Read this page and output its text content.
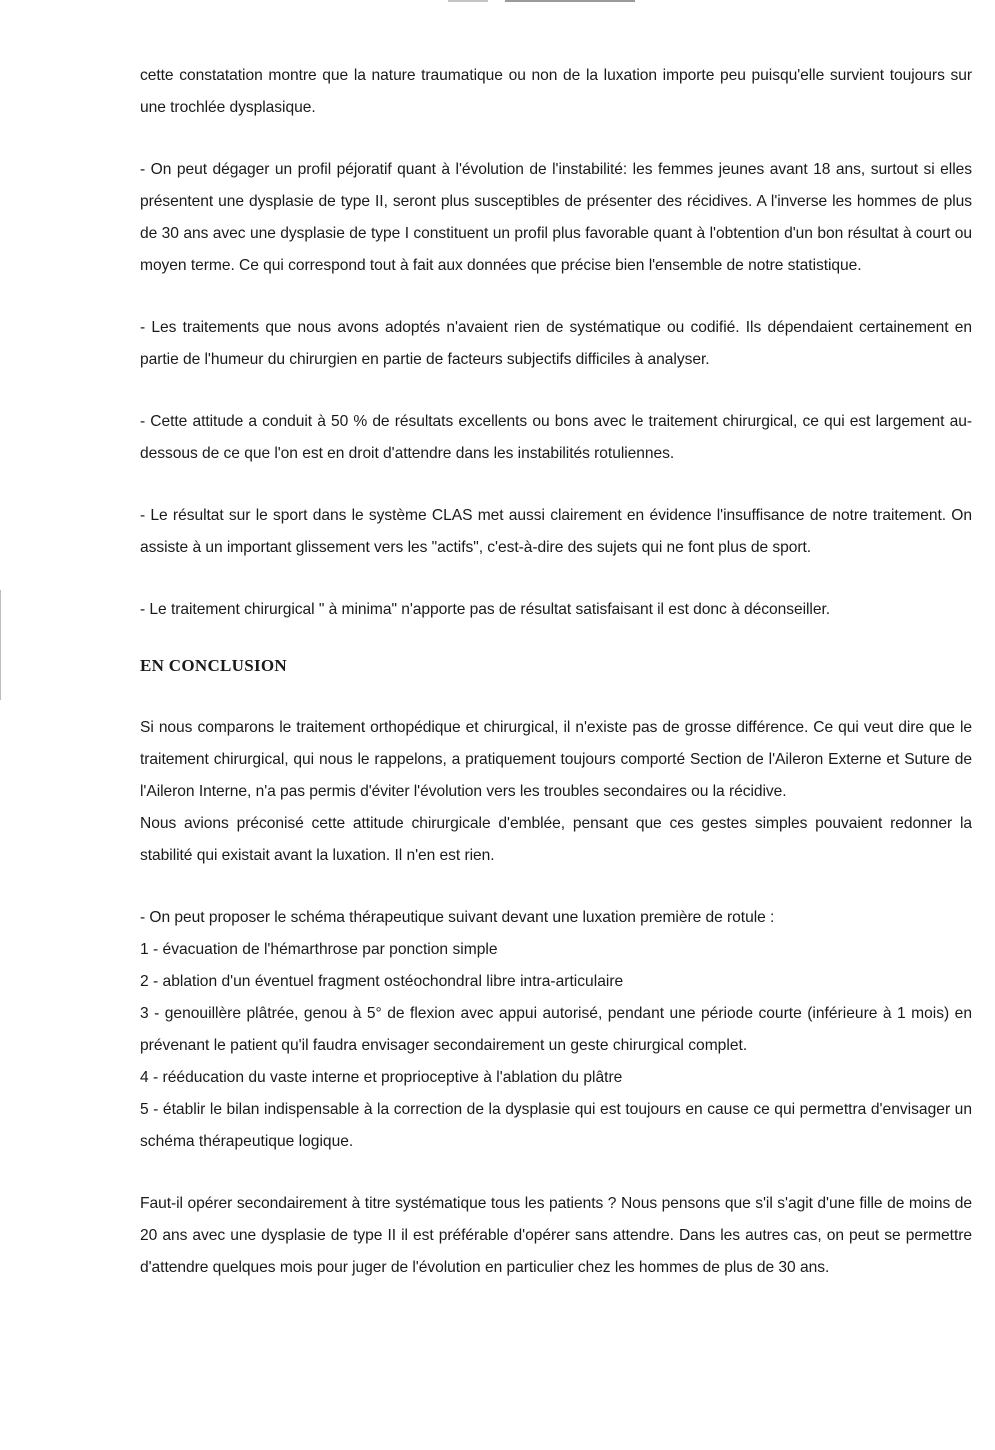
cette constatation montre que la nature traumatique ou non de la luxation importe peu puisqu'elle survient toujours sur une trochlée dysplasique.

- On peut dégager un profil péjoratif quant à l'évolution de l'instabilité: les femmes jeunes avant 18 ans, surtout si elles présentent une dysplasie de type II, seront plus susceptibles de présenter des récidives. A l'inverse les hommes de plus de 30 ans avec une dysplasie de type I constituent un profil plus favorable quant à l'obtention d'un bon résultat à court ou moyen terme. Ce qui correspond tout à fait aux données que précise bien l'ensemble de notre statistique.

- Les traitements que nous avons adoptés n'avaient rien de systématique ou codifié. Ils dépendaient certainement en partie de l'humeur du chirurgien en partie de facteurs subjectifs difficiles à analyser.

- Cette attitude a conduit à 50 % de résultats excellents ou bons avec le traitement chirurgical, ce qui est largement au-dessous de ce que l'on est en droit d'attendre dans les instabilités rotuliennes.

- Le résultat sur le sport dans le système CLAS met aussi clairement en évidence l'insuffisance de notre traitement. On assiste à un important glissement vers les "actifs", c'est-à-dire des sujets qui ne font plus de sport.

- Le traitement chirurgical " à minima" n'apporte pas de résultat satisfaisant il est donc à déconseiller.

EN CONCLUSION

Si nous comparons le traitement orthopédique et chirurgical, il n'existe pas de grosse différence. Ce qui veut dire que le traitement chirurgical, qui nous le rappelons, a pratiquement toujours comporté Section de l'Aileron Externe et Suture de l'Aileron Interne, n'a pas permis d'éviter l'évolution vers les troubles secondaires ou la récidive.

Nous avions préconisé cette attitude chirurgicale d'emblée, pensant que ces gestes simples pouvaient redonner la stabilité qui existait avant la luxation. Il n'en est rien.

- On peut proposer le schéma thérapeutique suivant devant une luxation première de rotule :

1 - évacuation de l'hémarthrose par ponction simple

2 - ablation d'un éventuel fragment ostéochondral libre intra-articulaire

3 - genouillère plâtrée, genou à 5° de flexion avec appui autorisé, pendant une période courte (inférieure à 1 mois) en prévenant le patient qu'il faudra envisager secondairement un geste chirurgical complet.

4 - rééducation du vaste interne et proprioceptive à l'ablation du plâtre

5 - établir le bilan indispensable à la correction de la dysplasie qui est toujours en cause ce qui permettra d'envisager un schéma thérapeutique logique.

Faut-il opérer secondairement à titre systématique tous les patients ? Nous pensons que s'il s'agit d'une fille de moins de 20 ans avec une dysplasie de type II il est préférable d'opérer sans attendre. Dans les autres cas, on peut se permettre d'attendre quelques mois pour juger de l'évolution en particulier chez les hommes de plus de 30 ans.
